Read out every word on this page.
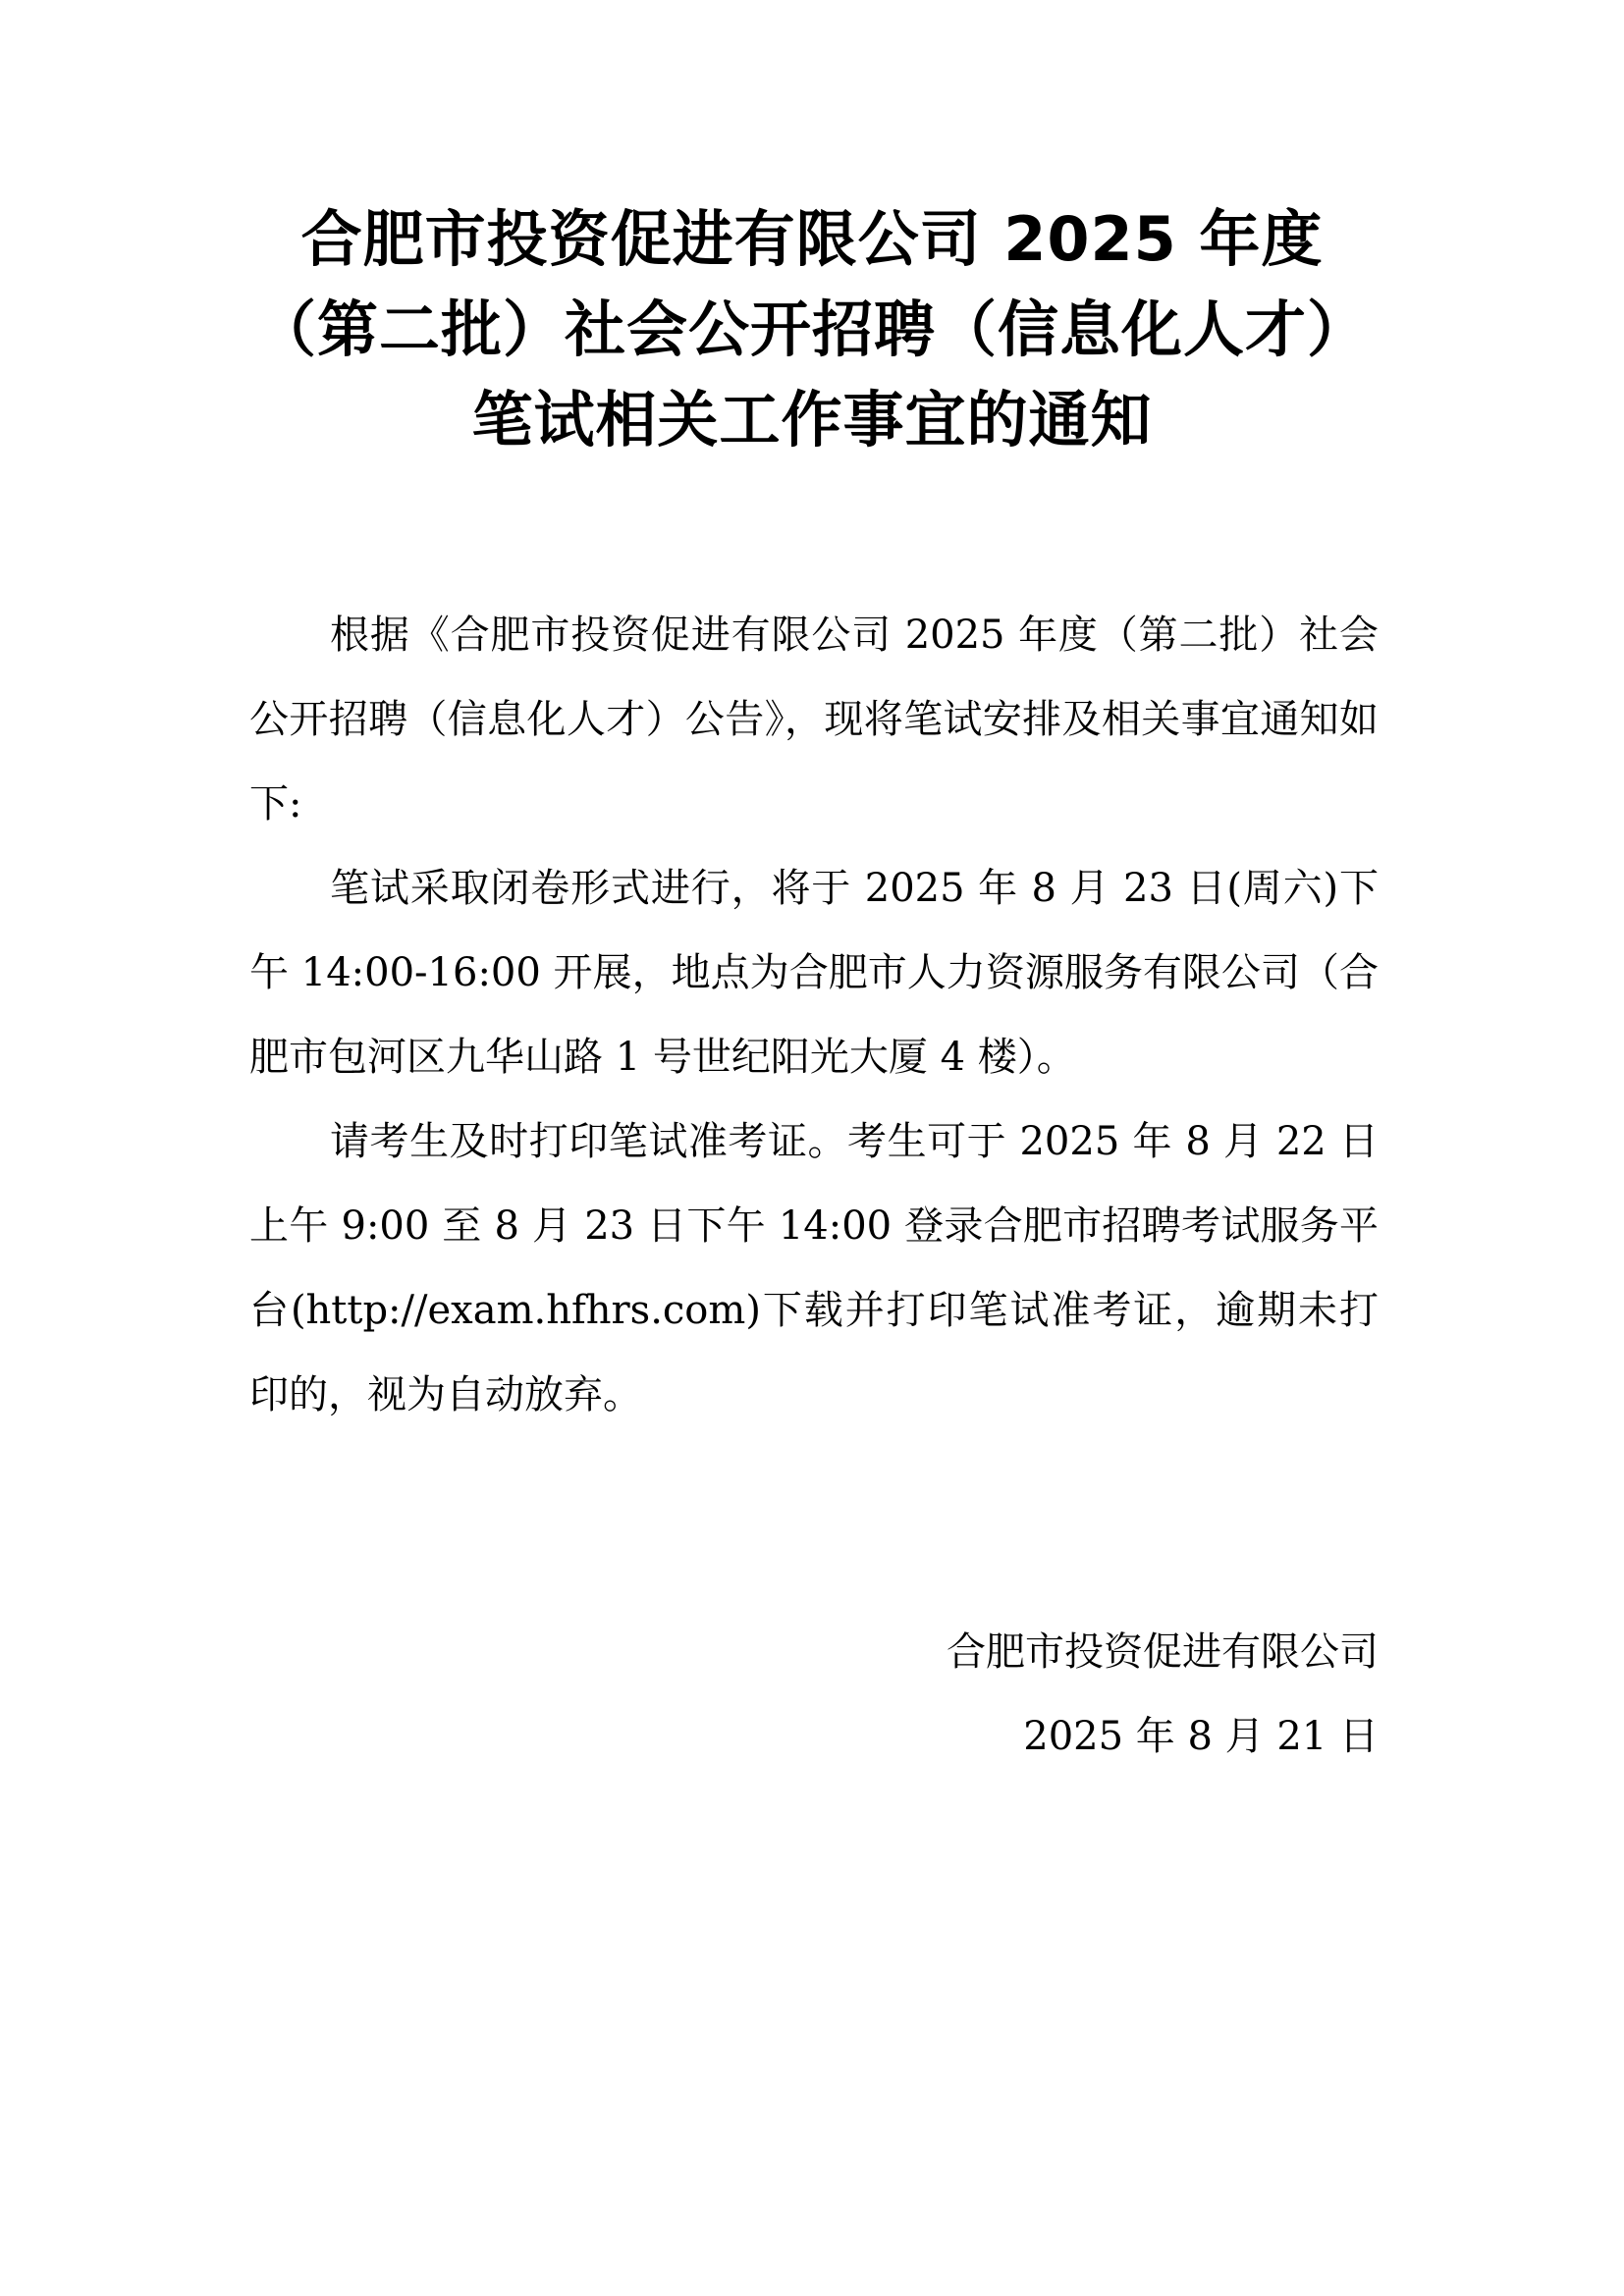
合肥市投资促进有限公司 2025 年度
（第二批）社会公开招聘（信息化人才）
笔试相关工作事宜的通知

根据《合肥市投资促进有限公司 2025 年度（第二批）社会公开招聘（信息化人才）公告》，现将笔试安排及相关事宜通知如下:

笔试采取闭卷形式进行，将于 2025 年 8 月 23 日(周六)下午 14:00-16:00 开展，地点为合肥市人力资源服务有限公司（合肥市包河区九华山路 1 号世纪阳光大厦 4 楼）。

请考生及时打印笔试准考证。考生可于 2025 年 8 月 22 日上午 9:00 至 8 月 23 日下午 14:00 登录合肥市招聘考试服务平台(http://exam.hfhrs.com)下载并打印笔试准考证，逾期未打印的，视为自动放弃。

合肥市投资促进有限公司
2025 年 8 月 21 日
